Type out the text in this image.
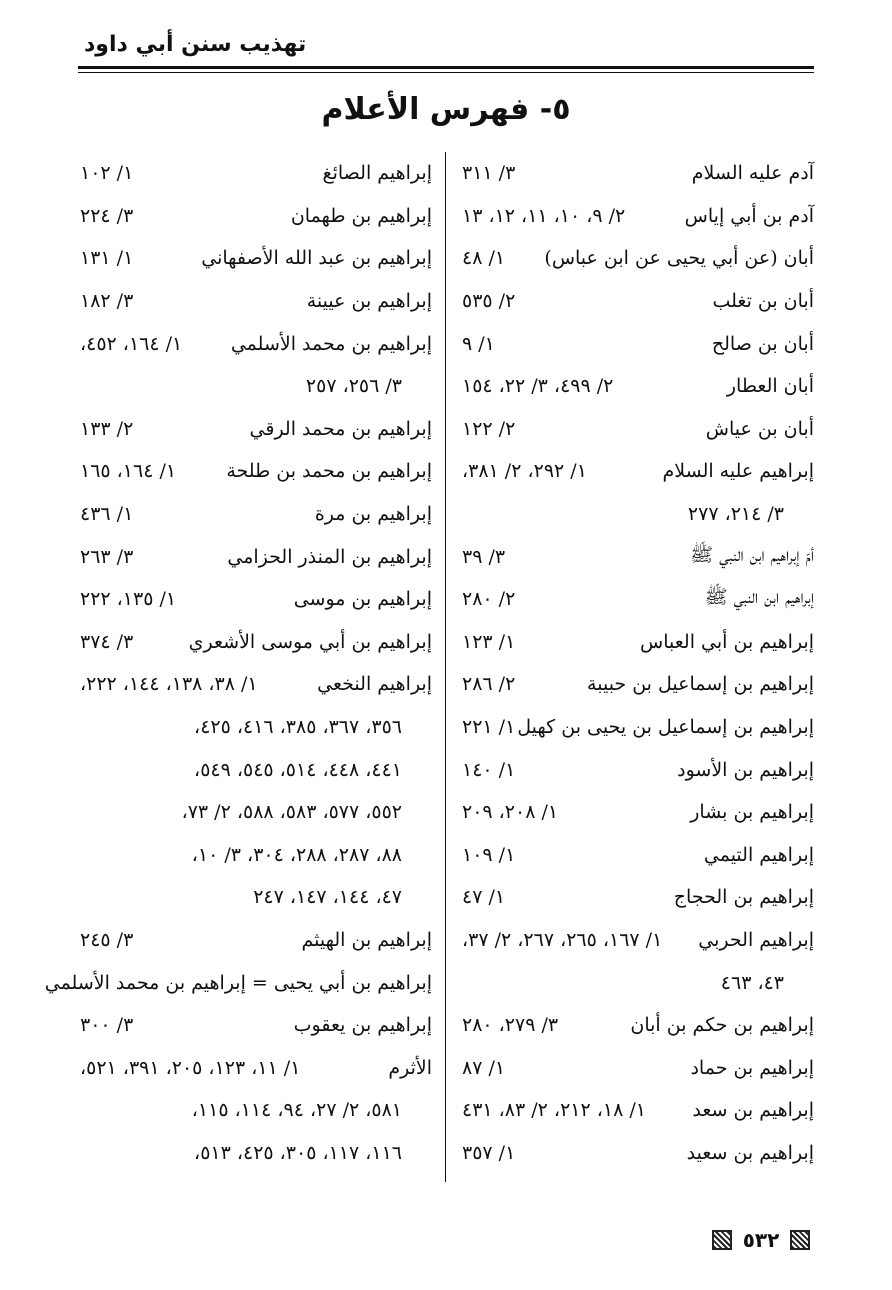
تهذيب سنن أبي داود
٥- فهرس الأعلام
آدم عليه السلام
٣/ ٣١١
آدم بن أبي إياس
٢/ ٩، ١٠، ١١، ١٢، ١٣
أبان (عن أبي يحيى عن ابن عباس)
١/ ٤٨
أبان بن تغلب
٢/ ٥٣٥
أبان بن صالح
١/ ٩
أبان العطار
٢/ ٤٩٩، ٣/ ٢٢، ١٥٤
أبان بن عياش
٢/ ١٢٢
إبراهيم عليه السلام
١/ ٢٩٢، ٢/ ٣٨١،
٣/ ٢١٤، ٢٧٧
أمّ إبراهيم ابن النبي ﷺ
٣/ ٣٩
إبراهيم ابن النبي ﷺ
٢/ ٢٨٠
إبراهيم بن أبي العباس
١/ ١٢٣
إبراهيم بن إسماعيل بن حبيبة
٢/ ٢٨٦
إبراهيم بن إسماعيل بن يحيى بن كهيل
١/ ٢٢١
إبراهيم بن الأسود
١/ ١٤٠
إبراهيم بن بشار
١/ ٢٠٨، ٢٠٩
إبراهيم التيمي
١/ ١٠٩
إبراهيم بن الحجاج
١/ ٤٧
إبراهيم الحربي
١/ ١٦٧، ٢٦٥، ٢٦٧، ٢/ ٣٧،
٤٣، ٤٦٣
إبراهيم بن حكم بن أبان
٣/ ٢٧٩، ٢٨٠
إبراهيم بن حماد
١/ ٨٧
إبراهيم بن سعد
١/ ١٨، ٢١٢، ٢/ ٨٣، ٤٣١
إبراهيم بن سعيد
١/ ٣٥٧
إبراهيم الصائغ
١/ ١٠٢
إبراهيم بن طهمان
٣/ ٢٢٤
إبراهيم بن عبد الله الأصفهاني
١/ ١٣١
إبراهيم بن عيينة
٣/ ١٨٢
إبراهيم بن محمد الأسلمي
١/ ١٦٤، ٤٥٢،
٣/ ٢٥٦، ٢٥٧
إبراهيم بن محمد الرقي
٢/ ١٣٣
إبراهيم بن محمد بن طلحة
١/ ١٦٤، ١٦٥
إبراهيم بن مرة
١/ ٤٣٦
إبراهيم بن المنذر الحزامي
٣/ ٢٦٣
إبراهيم بن موسى
١/ ١٣٥، ٢٢٢
إبراهيم بن أبي موسى الأشعري
٣/ ٣٧٤
إبراهيم النخعي
١/ ٣٨، ١٣٨، ١٤٤، ٢٢٢،
٣٥٦، ٣٦٧، ٣٨٥، ٤١٦، ٤٢٥،
٤٤١، ٤٤٨، ٥١٤، ٥٤٥، ٥٤٩،
٥٥٢، ٥٧٧، ٥٨٣، ٥٨٨، ٢/ ٧٣،
٨٨، ٢٨٧، ٢٨٨، ٣٠٤، ٣/ ١٠،
٤٧، ١٤٤، ١٤٧، ٢٤٧
إبراهيم بن الهيثم
٣/ ٢٤٥
إبراهيم بن أبي يحيى = إبراهيم بن محمد الأسلمي
إبراهيم بن يعقوب
٣/ ٣٠٠
الأثرم
١/ ١١، ١٢٣، ٢٠٥، ٣٩١، ٥٢١،
٥٨١، ٢/ ٢٧، ٩٤، ١١٤، ١١٥،
١١٦، ١١٧، ٣٠٥، ٤٢٥، ٥١٣،
٥٣٢
